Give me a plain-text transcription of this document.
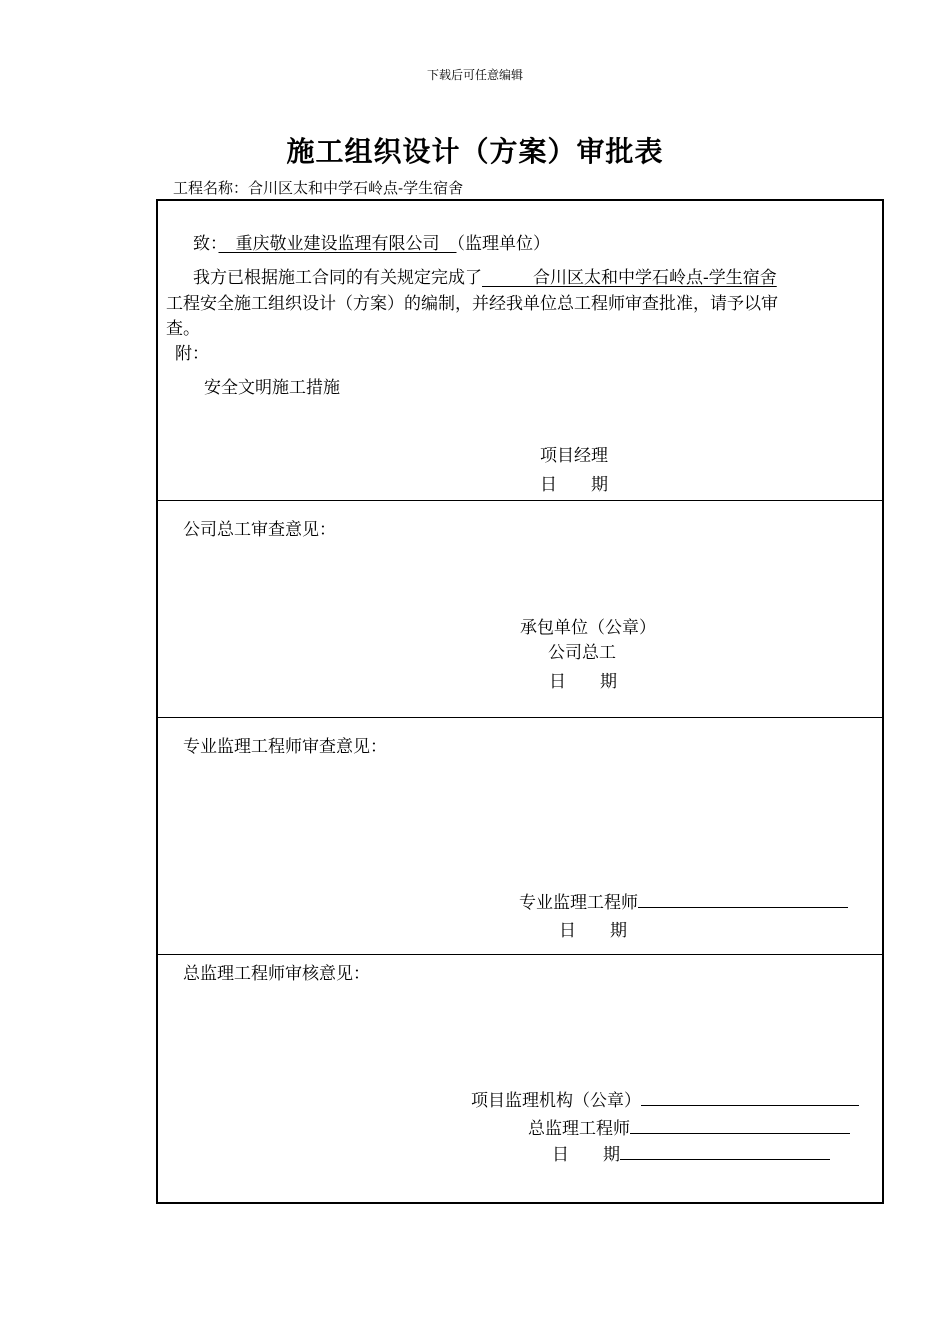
下载后可任意编辑
施工组织设计（方案）审批表
工程名称：合川区太和中学石岭点-学生宿舍
致：　 重庆敬业建设监理有限公司　 （监理单位）
我方已根据施工合同的有关规定完成了　　　	合川区太和中学石岭点-学生宿舍
工程安全施工组织设计（方案）的编制，并经我单位总工程师审查批准，请予以审
查。
附：
安全文明施工措施
项目经理
日　　期
公司总工审查意见：
承包单位（公章）
公司总工
日　　期
专业监理工程师审查意见：
专业监理工程师
日　　期
总监理工程师审核意见：
项目监理机构（公章）
总监理工程师
日　　期
